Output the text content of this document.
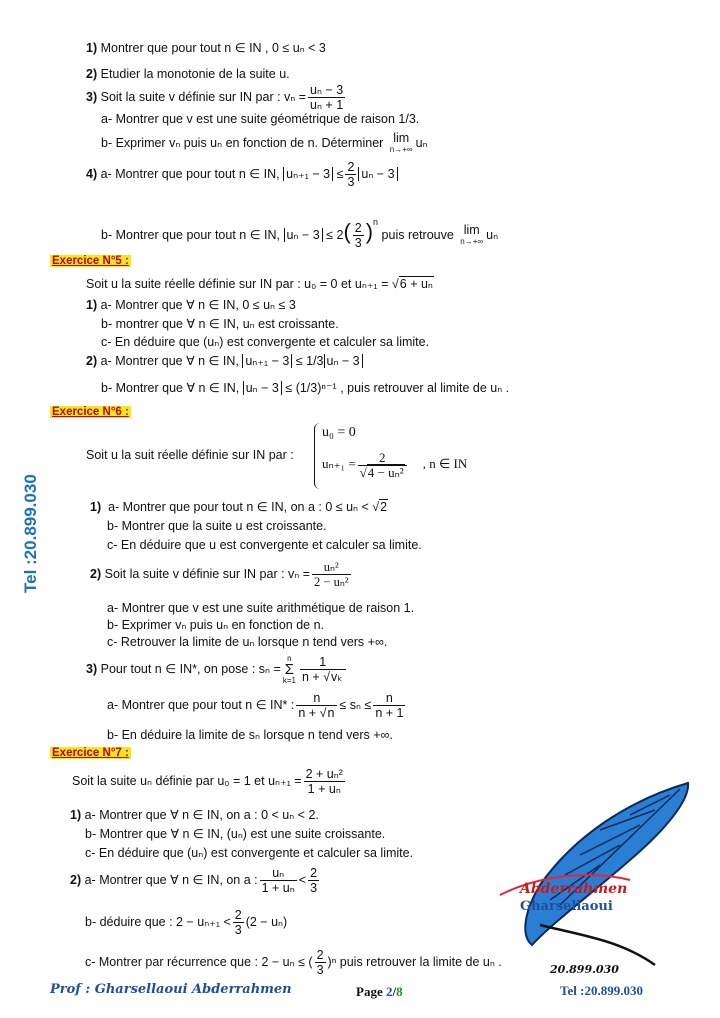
Tel :20.899.030
1) Montrer que pour tout n ∈ IN , 0 ≤ uₙ < 3
2) Etudier la monotonie de la suite u.
3) Soit la suite v définie sur IN par : $v_n = \frac{\text{uₙ − 3}}{\text{uₙ + 1}}$
a- Montrer que v est une suite géométrique de raison 1/3.
b- Exprimer vₙ puis uₙ en fonction de n. Déterminer lim
n→+∞ uₙ
4) a- Montrer que pour tout n ∈ IN, $u_{n+1} - 3 \le \frac{2}{3}$ uₙ − 3
b- Montrer que pour tout n ∈ IN, $u_n - 3 \le 2( \frac{2}{3} )^n$ puis retrouve lim
n→+∞ uₙ
Exercice N°5 :
Soit u la suite réelle définie sur IN par : u₀ = 0 et uₙ₊₁ = √6 + uₙ
1) a- Montrer que ∀ n ∈ IN, 0 ≤ uₙ ≤ 3
b- montrer que ∀ n ∈ IN, uₙ est croissante.
c- En déduire que (uₙ) est convergente et calculer sa limite.
2) a- Montrer que ∀ n ∈ IN, uₙ₊₁ − 3 ≤ 1/3 uₙ − 3
b- Montrer que ∀ n ∈ IN, uₙ − 3 ≤ (1/3)ⁿ⁻¹ , puis retrouver al limite de uₙ .
Exercice N°6 :
Soit u la suit réelle définie sur IN par :
u₀ = 0
$u_{n+1} = \frac{2}{\text{√4 − uₙ²}}$ , n ∈ IN
1) a- Montrer que pour tout n ∈ IN, on a : 0 ≤ uₙ < √2
b- Montrer que la suite u est croissante.
c- En déduire que u est convergente et calculer sa limite.
2) Soit la suite v définie sur IN par : $v_n = \frac{\text{uₙ²}}{\text{2 − uₙ²}}$
a- Montrer que v est une suite arithmétique de raison 1.
b- Exprimer vₙ puis uₙ en fonction de n.
c- Retrouver la limite de uₙ lorsque n tend vers +∞.
3) Pour tout n ∈ IN*, on pose : sₙ =
n
Σ
$k=1 \frac{1}{\text{n + √vₖ}}$
a- Montrer que pour tout n ∈ IN* : $\frac{n}{n + √n} \le s_n \le \frac{n}{n + 1}$
b- En déduire la limite de sₙ lorsque n tend vers +∞.
Exercice N°7 :
Soit la suite uₙ définie par u₀ = 1 et $u_{n+1} = \frac{\text{2 + uₙ²}}{\text{1 + uₙ}}$
1) a- Montrer que ∀ n ∈ IN, on a : 0 < uₙ < 2.
b- Montrer que ∀ n ∈ IN, (uₙ) est une suite croissante.
c- En déduire que (uₙ) est convergente et calculer sa limite.
2) a- Montrer que ∀ n ∈ IN, on a : $\frac{\text{uₙ}}{\text{1 + uₙ}} < \frac{2}{3}$
b- déduire que : $2 - u_{n+1} < \frac{2}{3} (2 - u_n)$
c- Montrer par récurrence que : 2 − uₙ ≤ ( $\frac{2}{3} )^n$ puis retrouver la limite de uₙ .
Abderrahmen
Gharsellaoui
20.899.030
Prof : Gharsellaoui Abderrahmen	Page 2/8	Tel :20.899.030
